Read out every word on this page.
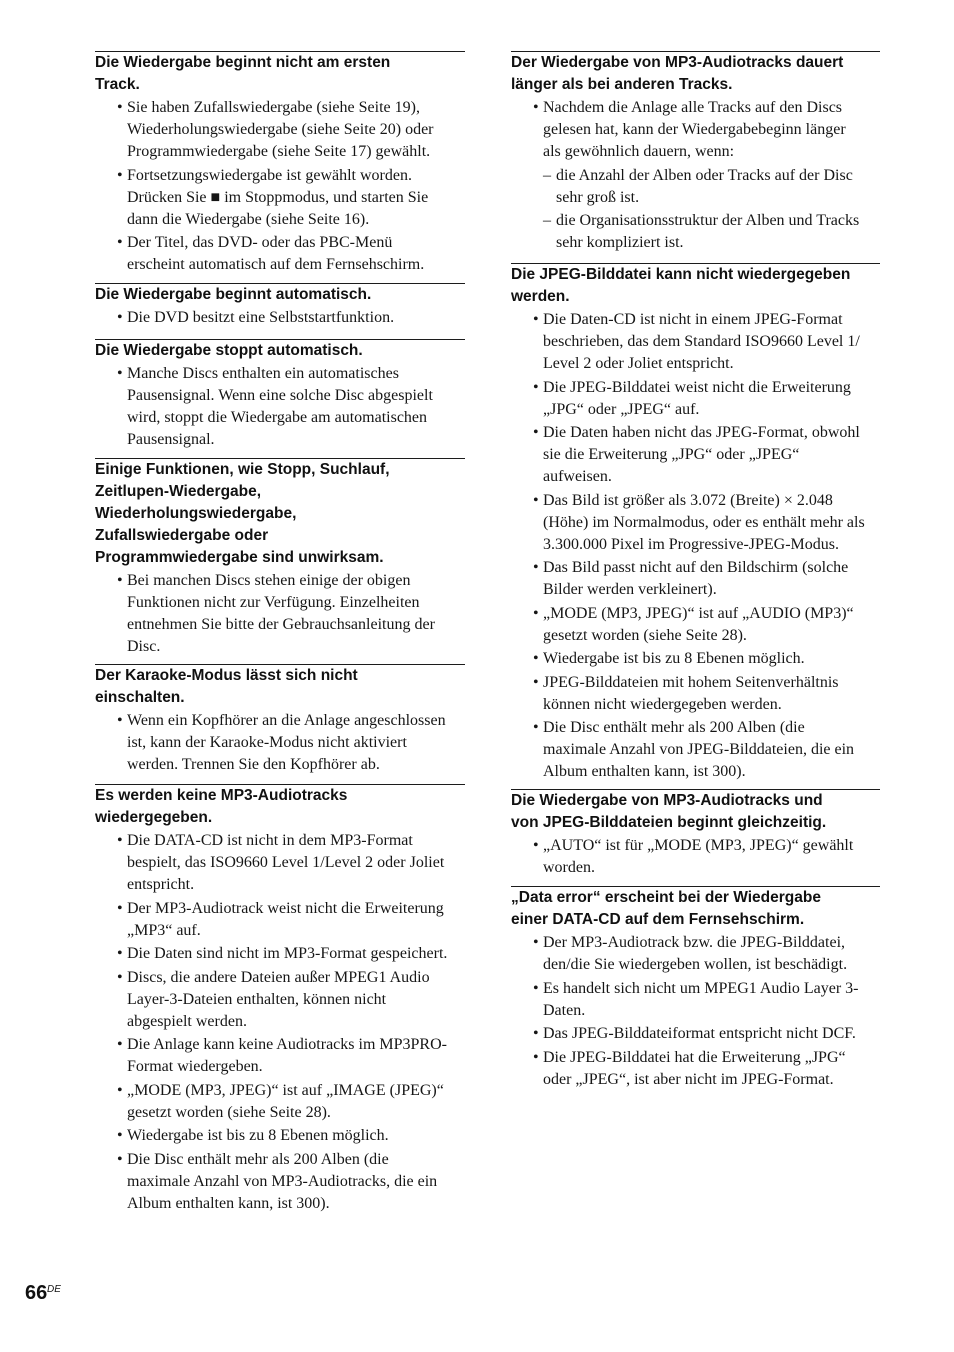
Die Wiedergabe beginnt nicht am ersten
Track.
• Sie haben Zufallswiedergabe (siehe Seite 19),
Wiederholungswiedergabe (siehe Seite 20) oder
Programmwiedergabe (siehe Seite 17) gewählt.
• Fortsetzungswiedergabe ist gewählt worden.
Drücken Sie ■ im Stoppmodus, und starten Sie
dann die Wiedergabe (siehe Seite 16).
• Der Titel, das DVD- oder das PBC-Menü
erscheint automatisch auf dem Fernsehschirm.
Die Wiedergabe beginnt automatisch.
• Die DVD besitzt eine Selbststartfunktion.
Die Wiedergabe stoppt automatisch.
• Manche Discs enthalten ein automatisches
Pausensignal. Wenn eine solche Disc abgespielt
wird, stoppt die Wiedergabe am automatischen
Pausensignal.
Einige Funktionen, wie Stopp, Suchlauf,
Zeitlupen-Wiedergabe,
Wiederholungswiedergabe,
Zufallswiedergabe oder
Programmwiedergabe sind unwirksam.
• Bei manchen Discs stehen einige der obigen
Funktionen nicht zur Verfügung. Einzelheiten
entnehmen Sie bitte der Gebrauchsanleitung der
Disc.
Der Karaoke-Modus lässt sich nicht
einschalten.
• Wenn ein Kopfhörer an die Anlage angeschlossen
ist, kann der Karaoke-Modus nicht aktiviert
werden. Trennen Sie den Kopfhörer ab.
Es werden keine MP3-Audiotracks
wiedergegeben.
• Die DATA-CD ist nicht in dem MP3-Format
bespielt, das ISO9660 Level 1/Level 2 oder Joliet
entspricht.
• Der MP3-Audiotrack weist nicht die Erweiterung
„MP3“ auf.
• Die Daten sind nicht im MP3-Format gespeichert.
• Discs, die andere Dateien außer MPEG1 Audio
Layer-3-Dateien enthalten, können nicht
abgespielt werden.
• Die Anlage kann keine Audiotracks im MP3PRO-
Format wiedergeben.
• „MODE (MP3, JPEG)“ ist auf „IMAGE (JPEG)“
gesetzt worden (siehe Seite 28).
• Wiedergabe ist bis zu 8 Ebenen möglich.
• Die Disc enthält mehr als 200 Alben (die
maximale Anzahl von MP3-Audiotracks, die ein
Album enthalten kann, ist 300).
Der Wiedergabe von MP3-Audiotracks dauert
länger als bei anderen Tracks.
• Nachdem die Anlage alle Tracks auf den Discs
gelesen hat, kann der Wiedergabebeginn länger
als gewöhnlich dauern, wenn:
– die Anzahl der Alben oder Tracks auf der Disc
sehr groß ist.
– die Organisationsstruktur der Alben und Tracks
sehr kompliziert ist.
Die JPEG-Bilddatei kann nicht wiedergegeben
werden.
• Die Daten-CD ist nicht in einem JPEG-Format
beschrieben, das dem Standard ISO9660 Level 1/
Level 2 oder Joliet entspricht.
• Die JPEG-Bilddatei weist nicht die Erweiterung
„JPG“ oder „JPEG“ auf.
• Die Daten haben nicht das JPEG-Format, obwohl
sie die Erweiterung „JPG“ oder „JPEG“
aufweisen.
• Das Bild ist größer als 3.072 (Breite) × 2.048
(Höhe) im Normalmodus, oder es enthält mehr als
3.300.000 Pixel im Progressive-JPEG-Modus.
• Das Bild passt nicht auf den Bildschirm (solche
Bilder werden verkleinert).
• „MODE (MP3, JPEG)“ ist auf „AUDIO (MP3)“
gesetzt worden (siehe Seite 28).
• Wiedergabe ist bis zu 8 Ebenen möglich.
• JPEG-Bilddateien mit hohem Seitenverhältnis
können nicht wiedergegeben werden.
• Die Disc enthält mehr als 200 Alben (die
maximale Anzahl von JPEG-Bilddateien, die ein
Album enthalten kann, ist 300).
Die Wiedergabe von MP3-Audiotracks und
von JPEG-Bilddateien beginnt gleichzeitig.
• „AUTO“ ist für „MODE (MP3, JPEG)“ gewählt
worden.
„Data error“ erscheint bei der Wiedergabe
einer DATA-CD auf dem Fernsehschirm.
• Der MP3-Audiotrack bzw. die JPEG-Bilddatei,
den/die Sie wiedergeben wollen, ist beschädigt.
• Es handelt sich nicht um MPEG1 Audio Layer 3-
Daten.
• Das JPEG-Bilddateiformat entspricht nicht DCF.
• Die JPEG-Bilddatei hat die Erweiterung „JPG“
oder „JPEG“, ist aber nicht im JPEG-Format.
66 DE
